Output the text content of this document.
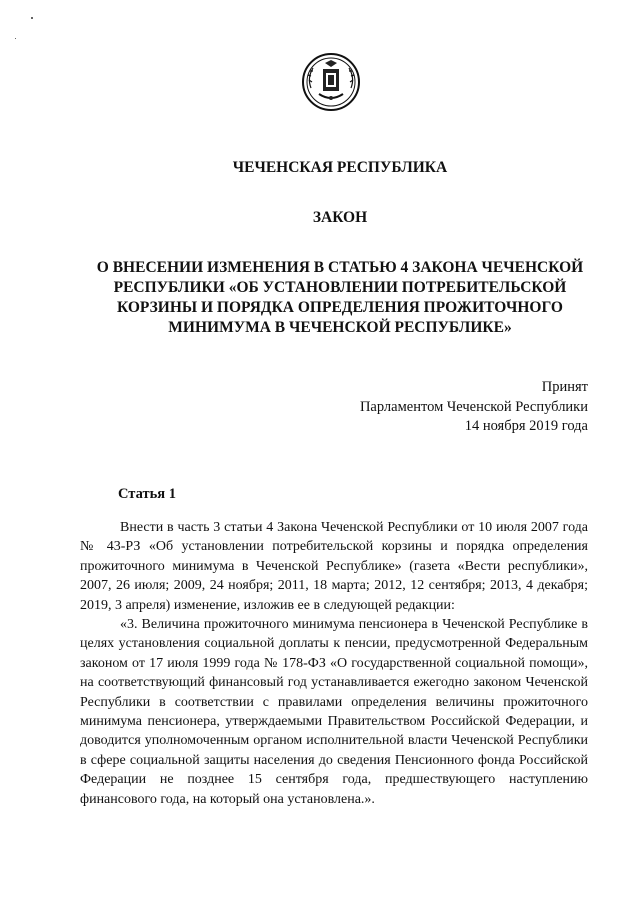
ЧЕЧЕНСКАЯ РЕСПУБЛИКА
ЗАКОН
О ВНЕСЕНИИ ИЗМЕНЕНИЯ В СТАТЬЮ 4 ЗАКОНА ЧЕЧЕНСКОЙ РЕСПУБЛИКИ «ОБ УСТАНОВЛЕНИИ ПОТРЕБИТЕЛЬСКОЙ КОРЗИНЫ И ПОРЯДКА ОПРЕДЕЛЕНИЯ ПРОЖИТОЧНОГО МИНИМУМА В ЧЕЧЕНСКОЙ РЕСПУБЛИКЕ»
Принят
Парламентом Чеченской Республики
14 ноября 2019 года
Статья 1

Внести в часть 3 статьи 4 Закона Чеченской Республики от 10 июля 2007 года № 43-РЗ «Об установлении потребительской корзины и порядка определения прожиточного минимума в Чеченской Республике» (газета «Вести республики», 2007, 26 июля; 2009, 24 ноября; 2011, 18 марта; 2012, 12 сентября; 2013, 4 декабря; 2019, 3 апреля) изменение, изложив ее в следующей редакции:

«3. Величина прожиточного минимума пенсионера в Чеченской Республике в целях установления социальной доплаты к пенсии, предусмотренной Федеральным законом от 17 июля 1999 года № 178-ФЗ «О государственной социальной помощи», на соответствующий финансовый год устанавливается ежегодно законом Чеченской Республики в соответствии с правилами определения величины прожиточного минимума пенсионера, утверждаемыми Правительством Российской Федерации, и доводится уполномоченным органом исполнительной власти Чеченской Республики в сфере социальной защиты населения до сведения Пенсионного фонда Российской Федерации не позднее 15 сентября года, предшествующего наступлению финансового года, на который она установлена.».
